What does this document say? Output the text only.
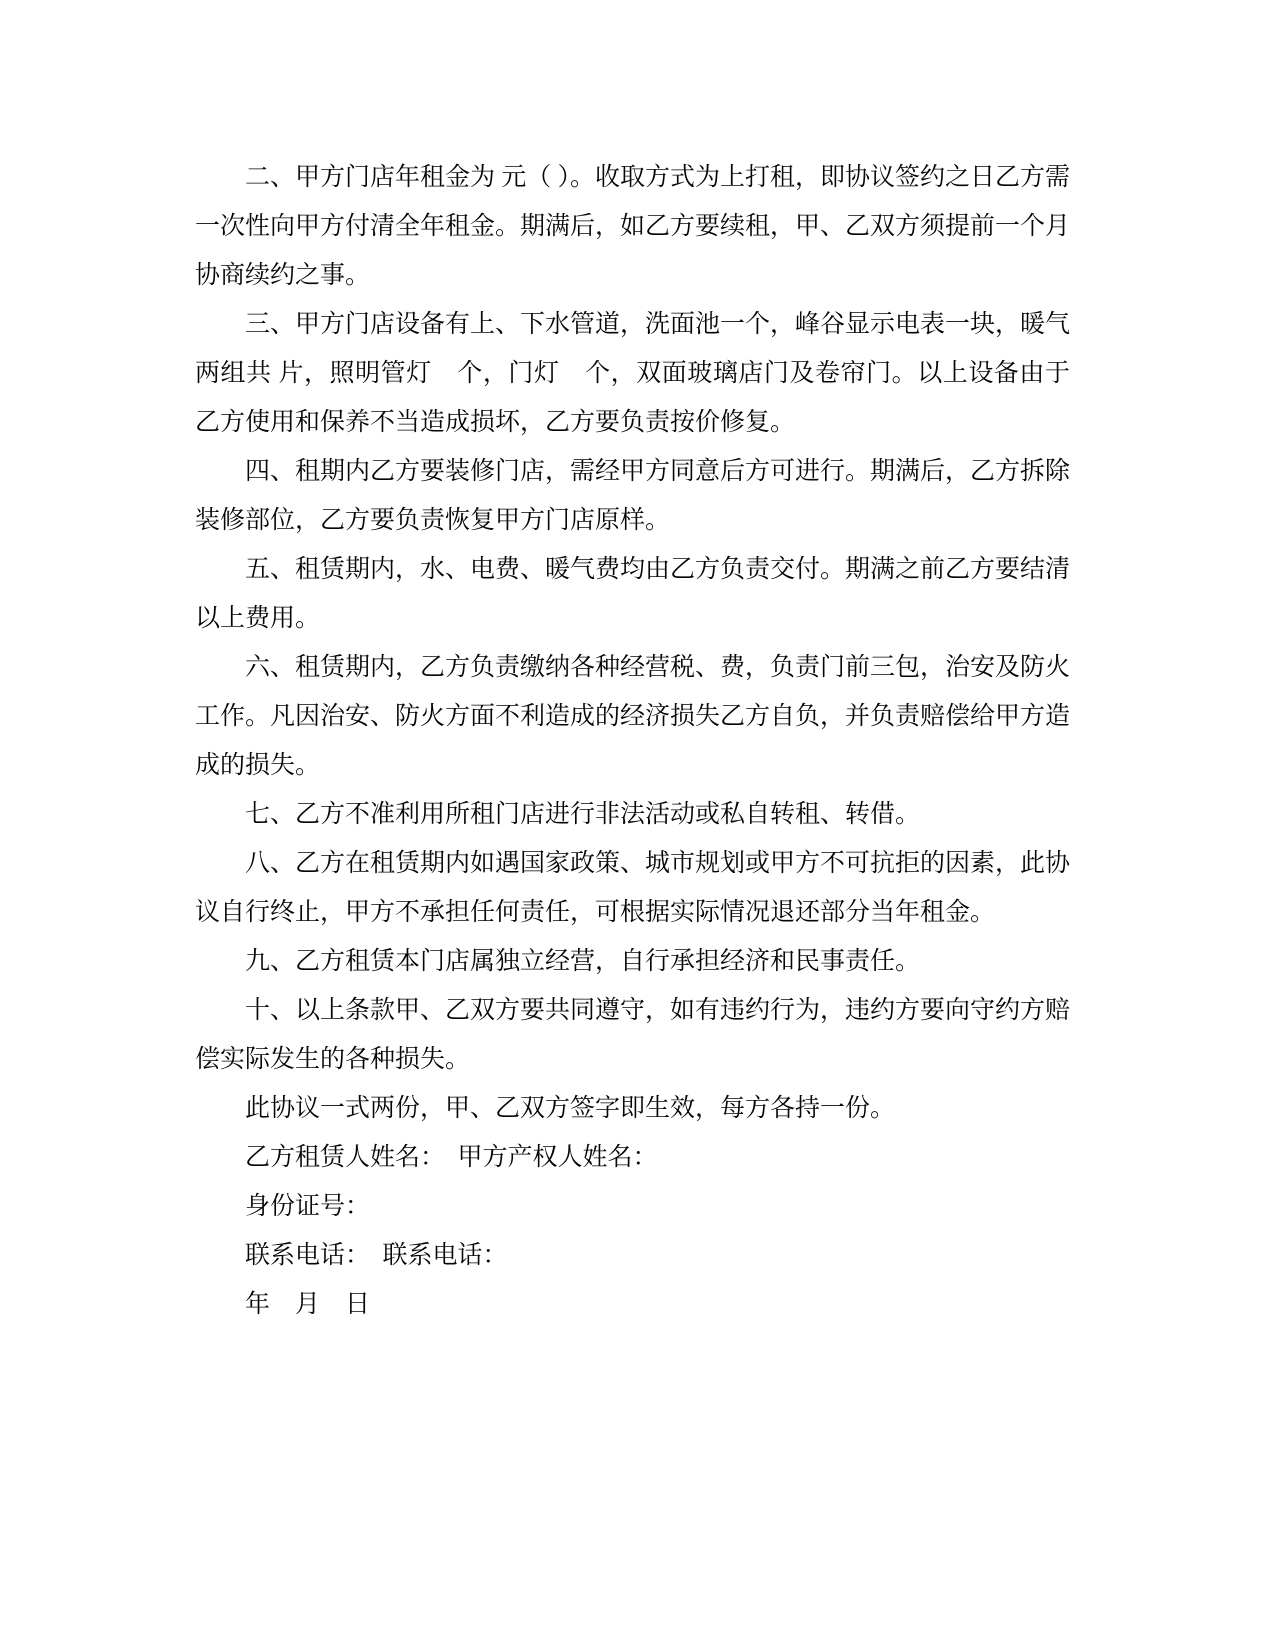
二、甲方门店年租金为 元（ ）。收取方式为上打租，即协议签约之日乙方需一次性向甲方付清全年租金。期满后，如乙方要续租，甲、乙双方须提前一个月协商续约之事。

三、甲方门店设备有上、下水管道，洗面池一个，峰谷显示电表一块，暖气两组共 片，照明管灯　个，门灯　个，双面玻璃店门及卷帘门。以上设备由于乙方使用和保养不当造成损坏，乙方要负责按价修复。

四、租期内乙方要装修门店，需经甲方同意后方可进行。期满后，乙方拆除装修部位，乙方要负责恢复甲方门店原样。

五、租赁期内，水、电费、暖气费均由乙方负责交付。期满之前乙方要结清以上费用。

六、租赁期内，乙方负责缴纳各种经营税、费，负责门前三包，治安及防火工作。凡因治安、防火方面不利造成的经济损失乙方自负，并负责赔偿给甲方造成的损失。

七、乙方不准利用所租门店进行非法活动或私自转租、转借。

八、乙方在租赁期内如遇国家政策、城市规划或甲方不可抗拒的因素，此协议自行终止，甲方不承担任何责任，可根据实际情况退还部分当年租金。

九、乙方租赁本门店属独立经营，自行承担经济和民事责任。

十、以上条款甲、乙双方要共同遵守，如有违约行为，违约方要向守约方赔偿实际发生的各种损失。

此协议一式两份，甲、乙双方签字即生效，每方各持一份。

乙方租赁人姓名：　甲方产权人姓名：

身份证号：

联系电话：　联系电话：

年　月　日
